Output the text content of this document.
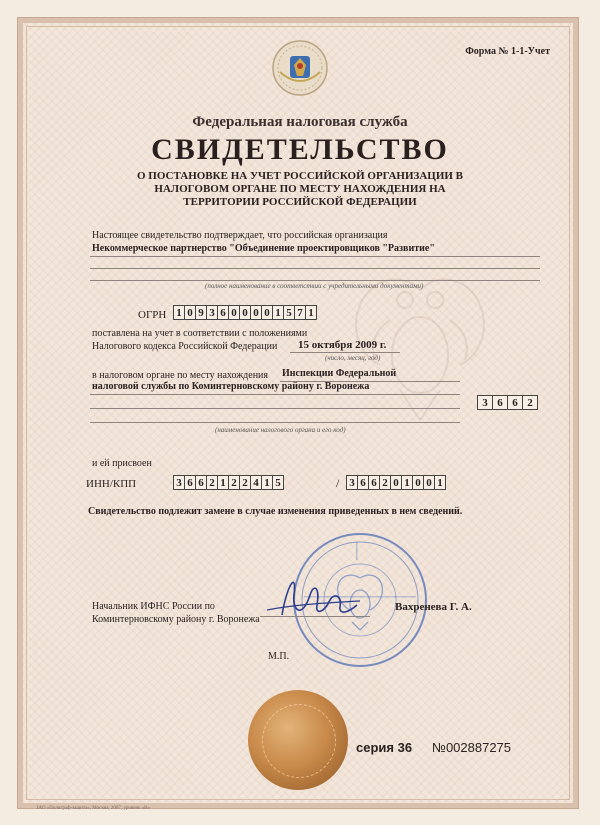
Форма № 1-1-Учет
Федеральная налоговая служба
СВИДЕТЕЛЬСТВО
О ПОСТАНОВКЕ НА УЧЕТ РОССИЙСКОЙ ОРГАНИЗАЦИИ В НАЛОГОВОМ ОРГАНЕ ПО МЕСТУ НАХОЖДЕНИЯ НА ТЕРРИТОРИИ РОССИЙСКОЙ ФЕДЕРАЦИИ
Настоящее свидетельство подтверждает, что российская организация
Некоммерческое партнерство "Объединение проектировщиков "Развитие"
(полное наименование в соответствии с учредительными документами)
ОГРН 1 0 9 3 6 0 0 0 0 1 5 7 1
поставлена на учет в соответствии с положениями
Налогового кодекса Российской Федерации 15 октября 2009 г.
(число, месяц, год)
в налоговом органе по месту нахождения Инспекции Федеральной
налоговой службы по Коминтерновскому району г. Воронежа
3 6 6 2
(наименование налогового органа и его код)
и ей присвоен
ИНН/КПП	3 6 6 2 1 2 2 4 1 5	/ 3 6 6 2 0 1 0 0 1
Свидетельство подлежит замене в случае изменения приведенных в нем сведений.
Начальник ИФНС России по
Коминтерновскому району г. Воронежа
Вахренева Г. А.
М.П.
серия 36 №002887275
ЗАО «Полиграф-защита», Москва, 2007, уровень «В»
